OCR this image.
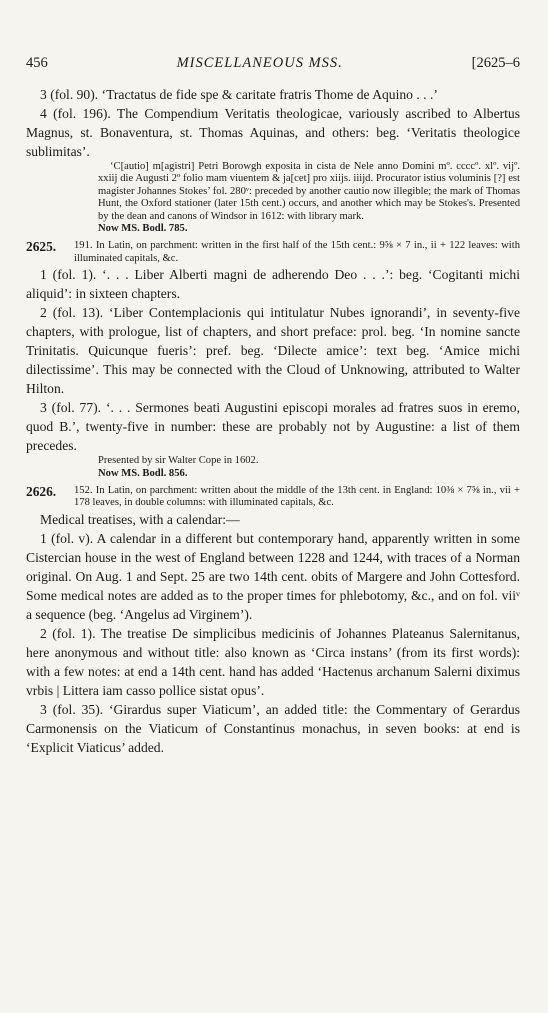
456	MISCELLANEOUS MSS.	[2625–6

3 (fol. 90). ‘Tractatus de fide spe & caritate fratris Thome de Aquino . . .’

4 (fol. 196). The Compendium Veritatis theologicae, variously ascribed to Albertus Magnus, st. Bonaventura, st. Thomas Aquinas, and others: beg. ‘Veritatis theologice sublimitas’.

‘C[autio] m[agistri] Petri Borowgh exposita in cista de Nele anno Domini mº. ccccº. xlº. vijº. xxiij die Augusti 2º folio mam viuentem & ja[cet] pro xiijs. iiijd. Procurator istius voluminis [?] est magister Johannes Stokes’ fol. 280ᵛ: preceded by another cautio now illegible; the mark of Thomas Hunt, the Oxford stationer (later 15th cent.) occurs, and another which may be Stokes's. Presented by the dean and canons of Windsor in 1612: with library mark.

Now MS. Bodl. 785.

2625.	191. In Latin, on parchment: written in the first half of the 15th cent.: 9⅝ × 7 in., ii + 122 leaves: with illuminated capitals, &c.

1 (fol. 1). ‘. . . Liber Alberti magni de adherendo Deo . . .’: beg. ‘Cogitanti michi aliquid’: in sixteen chapters.

2 (fol. 13). ‘Liber Contemplacionis qui intitulatur Nubes ignorandi’, in seventy-five chapters, with prologue, list of chapters, and short preface: prol. beg. ‘In nomine sancte Trinitatis. Quicunque fueris’: pref. beg. ‘Dilecte amice’: text beg. ‘Amice michi dilectissime’. This may be connected with the Cloud of Unknowing, attributed to Walter Hilton.

3 (fol. 77). ‘. . . Sermones beati Augustini episcopi morales ad fratres suos in eremo, quod B.’, twenty-five in number: these are probably not by Augustine: a list of them precedes.

Presented by sir Walter Cope in 1602.

Now MS. Bodl. 856.

2626.	152. In Latin, on parchment: written about the middle of the 13th cent. in England: 10⅜ × 7⅝ in., vii + 178 leaves, in double columns: with illuminated capitals, &c.

Medical treatises, with a calendar:—

1 (fol. v). A calendar in a different but contemporary hand, apparently written in some Cistercian house in the west of England between 1228 and 1244, with traces of a Norman original. On Aug. 1 and Sept. 25 are two 14th cent. obits of Margere and John Cottesford. Some medical notes are added as to the proper times for phlebotomy, &c., and on fol. viiᵛ a sequence (beg. ‘Angelus ad Virginem’).

2 (fol. 1). The treatise De simplicibus medicinis of Johannes Plateanus Salernitanus, here anonymous and without title: also known as ‘Circa instans’ (from its first words): with a few notes: at end a 14th cent. hand has added ‘Hactenus archanum Salerni diximus vrbis | Littera iam casso pollice sistat opus’.

3 (fol. 35). ‘Girardus super Viaticum’, an added title: the Commentary of Gerardus Carmonensis on the Viaticum of Constantinus monachus, in seven books: at end is ‘Explicit Viaticus’ added.
